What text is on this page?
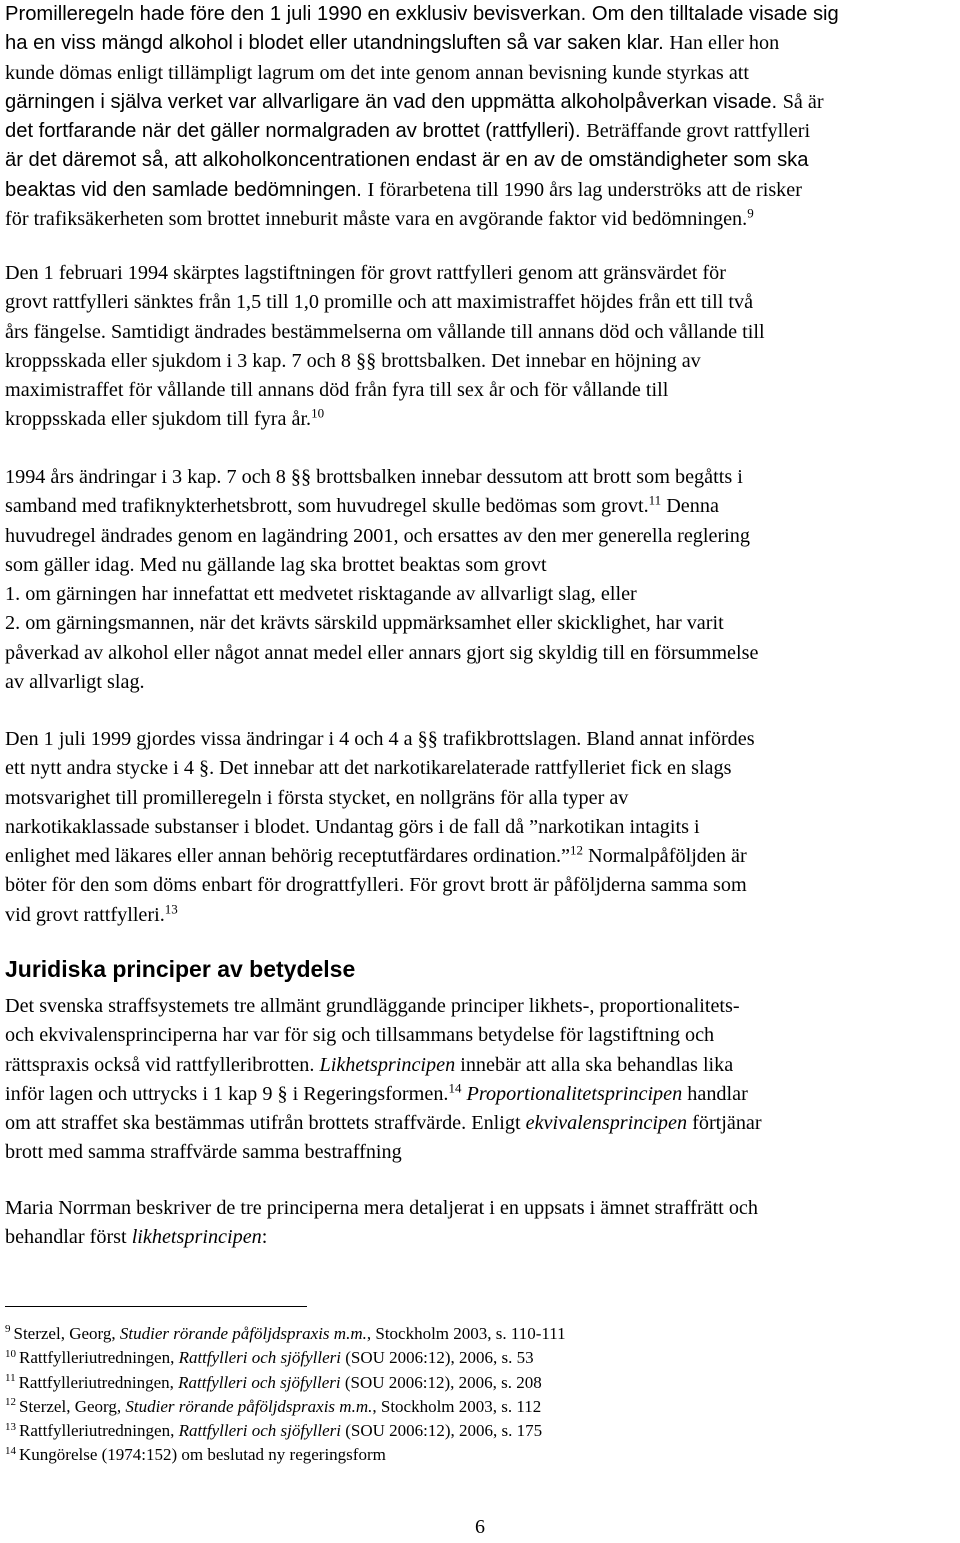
Promilleregeln hade före den 1 juli 1990 en exklusiv bevisverkan. Om den tilltalade visade sig
ha en viss mängd alkohol i blodet eller utandningsluften så var saken klar. Han eller hon
kunde dömas enligt tillämpligt lagrum om det inte genom annan bevisning kunde styrkas att
gärningen i själva verket var allvarligare än vad den uppmätta alkoholpåverkan visade. Så är
det fortfarande när det gäller normalgraden av brottet (rattfylleri). Beträffande grovt rattfylleri
är det däremot så, att alkoholkoncentrationen endast är en av de omständigheter som ska
beaktas vid den samlade bedömningen. I förarbetena till 1990 års lag underströks att de risker
för trafiksäkerheten som brottet inneburit måste vara en avgörande faktor vid bedömningen.$^9$
Den 1 februari 1994 skärptes lagstiftningen för grovt rattfylleri genom att gränsvärdet för
grovt rattfylleri sänktes från 1,5 till 1,0 promille och att maximistraffet höjdes från ett till två
års fängelse. Samtidigt ändrades bestämmelserna om vållande till annans död och vållande till
kroppsskada eller sjukdom i 3 kap. 7 och 8 §§ brottsbalken. Det innebar en höjning av
maximistraffet för vållande till annans död från fyra till sex år och för vållande till
kroppsskada eller sjukdom till fyra år.$^{10}$
1994 års ändringar i 3 kap. 7 och 8 §§ brottsbalken innebar dessutom att brott som begåtts i
samband med trafiknykterhetsbrott, som huvudregel skulle bedömas som grovt.$^{11}$ Denna
huvudregel ändrades genom en lagändring 2001, och ersattes av den mer generella reglering
som gäller idag. Med nu gällande lag ska brottet beaktas som grovt
1. om gärningen har innefattat ett medvetet risktagande av allvarligt slag, eller
2. om gärningsmannen, när det krävts särskild uppmärksamhet eller skicklighet, har varit
påverkad av alkohol eller något annat medel eller annars gjort sig skyldig till en försummelse
av allvarligt slag.
Den 1 juli 1999 gjordes vissa ändringar i 4 och 4 a §§ trafikbrottslagen. Bland annat infördes
ett nytt andra stycke i 4 §. Det innebar att det narkotikarelaterade rattfylleriet fick en slags
motsvarighet till promilleregeln i första stycket, en nollgräns för alla typer av
narkotikaklassade substanser i blodet. Undantag görs i de fall då ”narkotikan intagits i
enlighet med läkares eller annan behörig receptutfärdares ordination.”$^{12}$ Normalpåföljden är
böter för den som döms enbart för drograttfylleri. För grovt brott är påföljderna samma som
vid grovt rattfylleri.$^{13}$
Juridiska principer av betydelse
Det svenska straffsystemets tre allmänt grundläggande principer likhets-, proportionalitets-
och ekvivalensprinciperna har var för sig och tillsammans betydelse för lagstiftning och
rättspraxis också vid rattfylleribrotten. Likhetsprincipen innebär att alla ska behandlas lika
inför lagen och uttrycks i 1 kap 9 § i Regeringsformen.$^{14}$ Proportionalitetsprincipen handlar
om att straffet ska bestämmas utifrån brottets straffvärde. Enligt ekvivalensprincipen förtjänar
brott med samma straffvärde samma bestraffning
Maria Norrman beskriver de tre principerna mera detaljerat i en uppsats i ämnet straffrätt och
behandlar först likhetsprincipen:
$^9$ Sterzel, Georg, Studier rörande påföljdspraxis m.m., Stockholm 2003, s. 110-111
$^{10}$ Rattfylleriutredningen, Rattfylleri och sjöfylleri (SOU 2006:12), 2006, s. 53
$^{11}$ Rattfylleriutredningen, Rattfylleri och sjöfylleri (SOU 2006:12), 2006, s. 208
$^{12}$ Sterzel, Georg, Studier rörande påföljdspraxis m.m., Stockholm 2003, s. 112
$^{13}$ Rattfylleriutredningen, Rattfylleri och sjöfylleri (SOU 2006:12), 2006, s. 175
$^{14}$ Kungörelse (1974:152) om beslutad ny regeringsform
6
